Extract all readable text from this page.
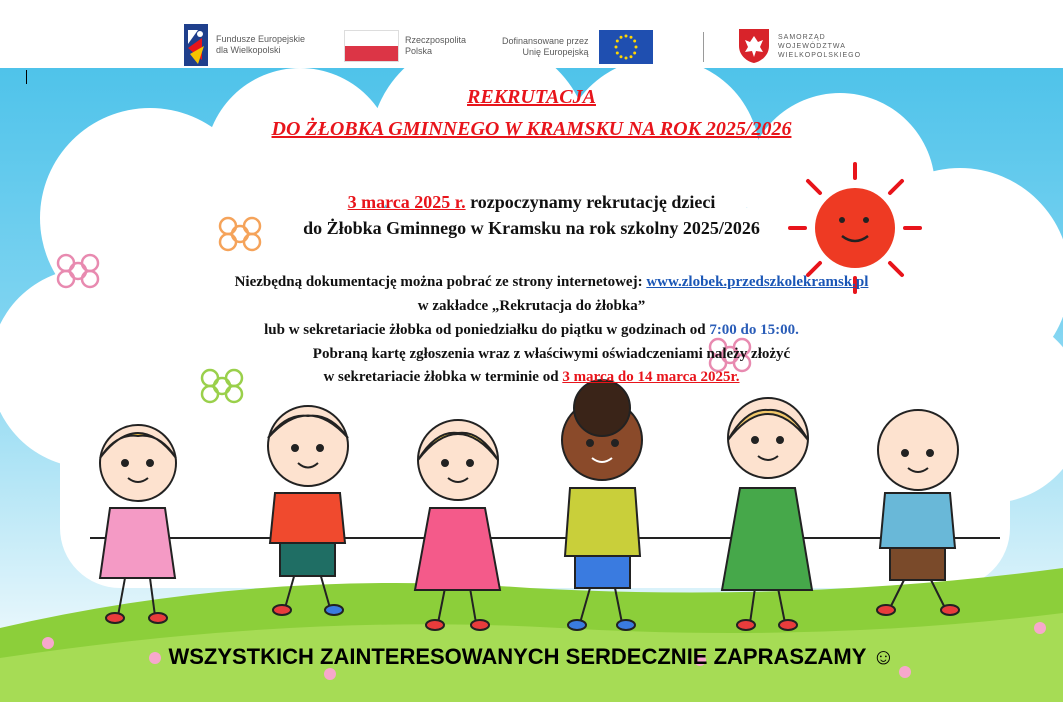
Fundusze Europejskie
dla Wielkopolski
Rzeczpospolita
Polska
Dofinansowane przez
Unię Europejską
SAMORZĄD
WOJEWÓDZTWA
WIELKOPOLSKIEGO
REKRUTACJA
DO ŻŁOBKA GMINNEGO W KRAMSKU NA ROK 2025/2026
3 marca 2025 r. rozpoczynamy rekrutację dzieci
do Żłobka Gminnego w Kramsku na rok szkolny 2025/2026
Niezbędną dokumentację można pobrać ze strony internetowej: www.zlobek.przedszkolekramsk.pl
w zakładce „Rekrutacja do żłobka”
lub w sekretariacie żłobka od poniedziałku do piątku w godzinach od 7:00 do 15:00.
Pobraną kartę zgłoszenia wraz z właściwymi oświadczeniami należy złożyć
w sekretariacie żłobka w terminie od 3 marca do 14 marca 2025r.
WSZYSTKICH ZAINTERESOWANYCH SERDECZNIE ZAPRASZAMY ☺
